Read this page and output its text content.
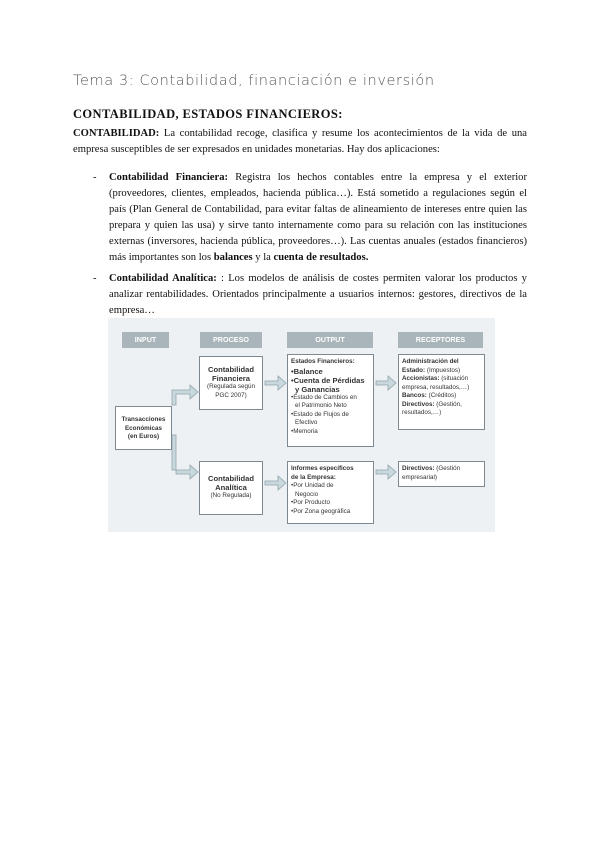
Tema 3: Contabilidad, financiación e inversión
CONTABILIDAD, ESTADOS FINANCIEROS:
CONTABILIDAD: La contabilidad recoge, clasifica y resume los acontecimientos de la vida de una empresa susceptibles de ser expresados en unidades monetarias. Hay dos aplicaciones:
- Contabilidad Financiera: Registra los hechos contables entre la empresa y el exterior (proveedores, clientes, empleados, hacienda pública…). Está sometido a regulaciones según el país (Plan General de Contabilidad, para evitar faltas de alineamiento de intereses entre quien las prepara y quien las usa) y sirve tanto internamente como para su relación con las instituciones externas (inversores, hacienda pública, proveedores…). Las cuentas anuales (estados financieros) más importantes son los balances y la cuenta de resultados.
- Contabilidad Analítica: : Los modelos de análisis de costes permiten valorar los productos y analizar rentabilidades. Orientados principalmente a usuarios internos: gestores, directivos de la empresa…
INPUT	PROCESO	OUTPUT	RECEPTORES
Transacciones
Económicas
(en Euros)
Contabilidad
Financiera
(Regulada según
PGC 2007)
Contabilidad
Analítica
(No Regulada)
Estados Financieros:
•Balance
•Cuenta de Pérdidas
y Ganancias
•Estado de Cambios en
el Patrimonio Neto
•Estado de Flujos de
Efectivo
•Memoria
Informes específicos
de la Empresa:
•Por Unidad de
Negocio
•Por Producto
•Por Zona geográfica
Administración del
Estado: (Impuestos)
Accionistas: (situación
empresa, resultados,…)
Bancos: (Créditos)
Directivos: (Gestión,
resultados,…)
Directivos: (Gestión
empresarial)
